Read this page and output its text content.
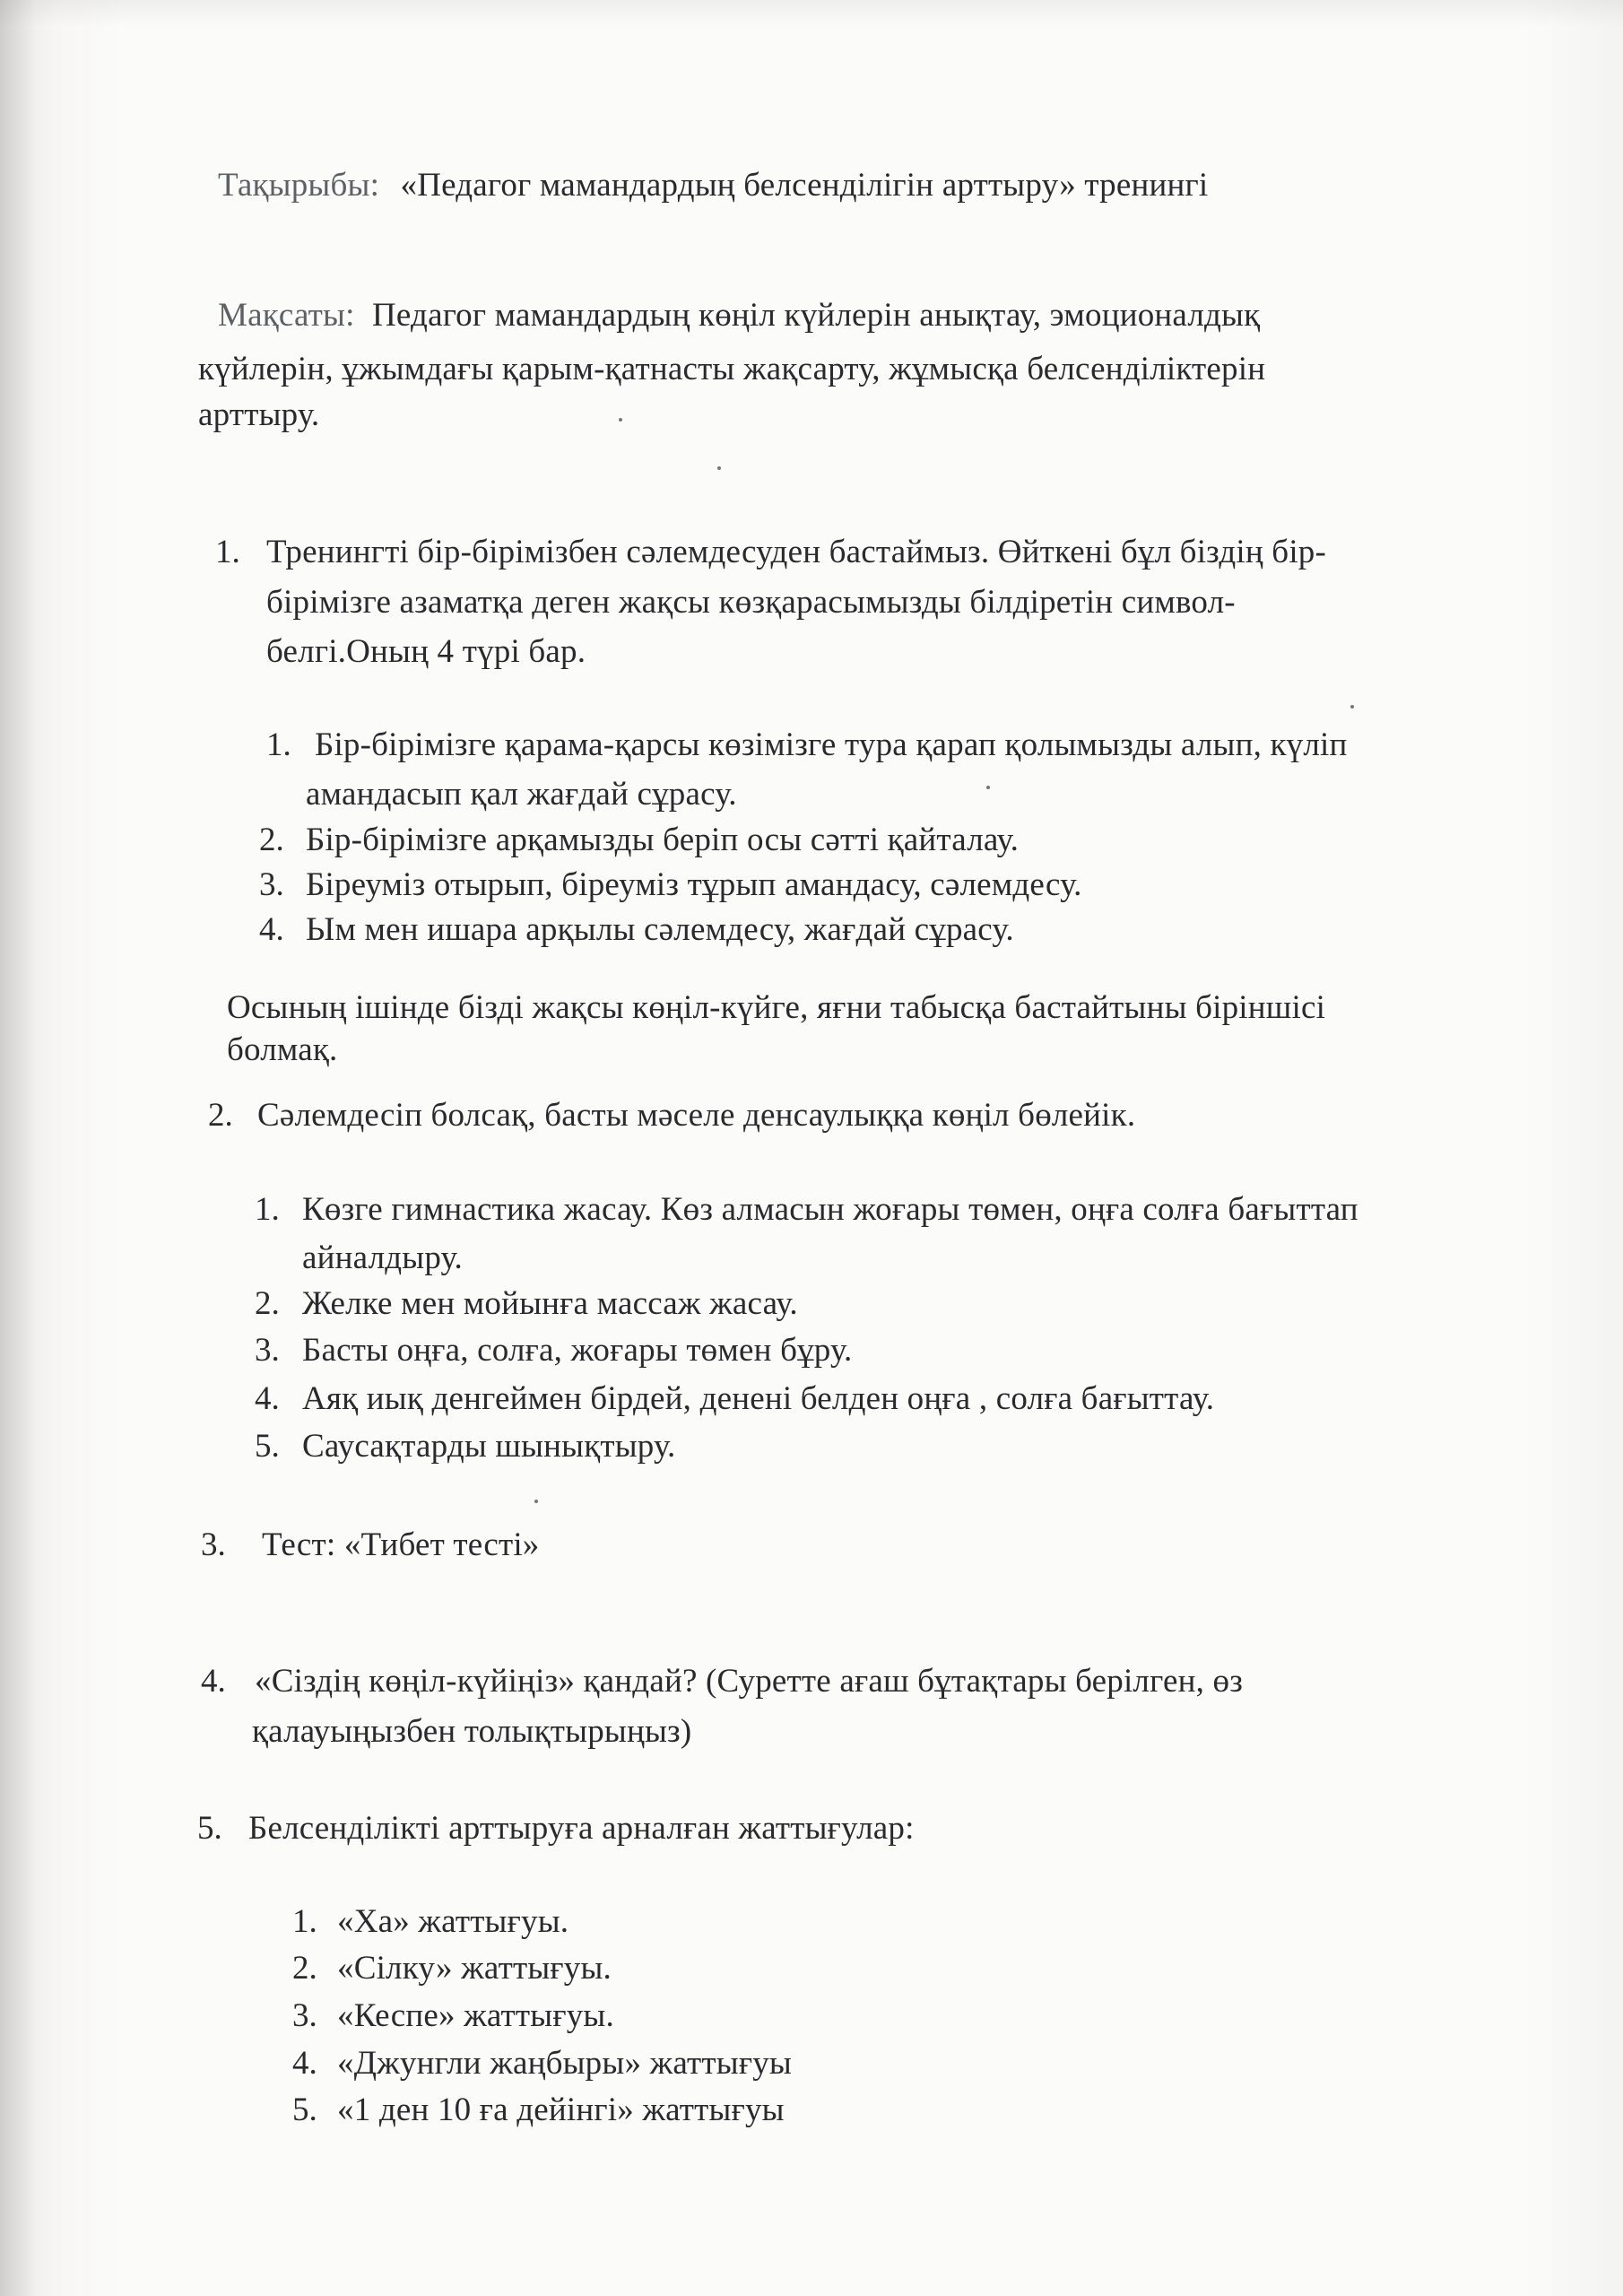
Тақырыбы: «Педагог мамандардың белсенділігін арттыру» тренингі
Мақсаты: Педагог мамандардың көңіл күйлерін анықтау, эмоционалдық
күйлерін, ұжымдағы қарым-қатнасты жақсарту, жұмысқа белсенділіктерін
арттыру.
1. Тренингті бір-бірімізбен сәлемдесуден бастаймыз. Өйткені бұл біздің бір-
бірімізге азаматқа деген жақсы көзқарасымызды білдіретін символ-
белгі.Оның 4 түрі бар.
1. Бір-бірімізге қарама-қарсы көзімізге тура қарап қолымызды алып, күліп
амандасып қал жағдай сұрасу.
2. Бір-бірімізге арқамызды беріп осы сәтті қайталау.
3. Біреуміз отырып, біреуміз тұрып амандасу, сәлемдесу.
4. Ым мен ишара арқылы сәлемдесу, жағдай сұрасу.
Осының ішінде бізді жақсы көңіл-күйге, яғни табысқа бастайтыны біріншісі
болмақ.
2. Сәлемдесіп болсақ, басты мәселе денсаулыққа көңіл бөлейік.
1. Көзге гимнастика жасау. Көз алмасын жоғары төмен, оңға солға бағыттап
айналдыру.
2. Желке мен мойынға массаж жасау.
3. Басты оңға, солға, жоғары төмен бұру.
4. Аяқ иық денгеймен бірдей, денені белден оңға , солға бағыттау.
5. Саусақтарды шынықтыру.
3. Тест: «Тибет тесті»
4. «Сіздің көңіл-күйіңіз» қандай? (Суретте ағаш бұтақтары берілген, өз
қалауыңызбен толықтырыңыз)
5. Белсенділікті арттыруға арналған жаттығулар:
1. «Ха» жаттығуы.
2. «Сілку» жаттығуы.
3. «Кеспе» жаттығуы.
4. «Джунгли жаңбыры» жаттығуы
5. «1 ден 10 ға дейінгі» жаттығуы
